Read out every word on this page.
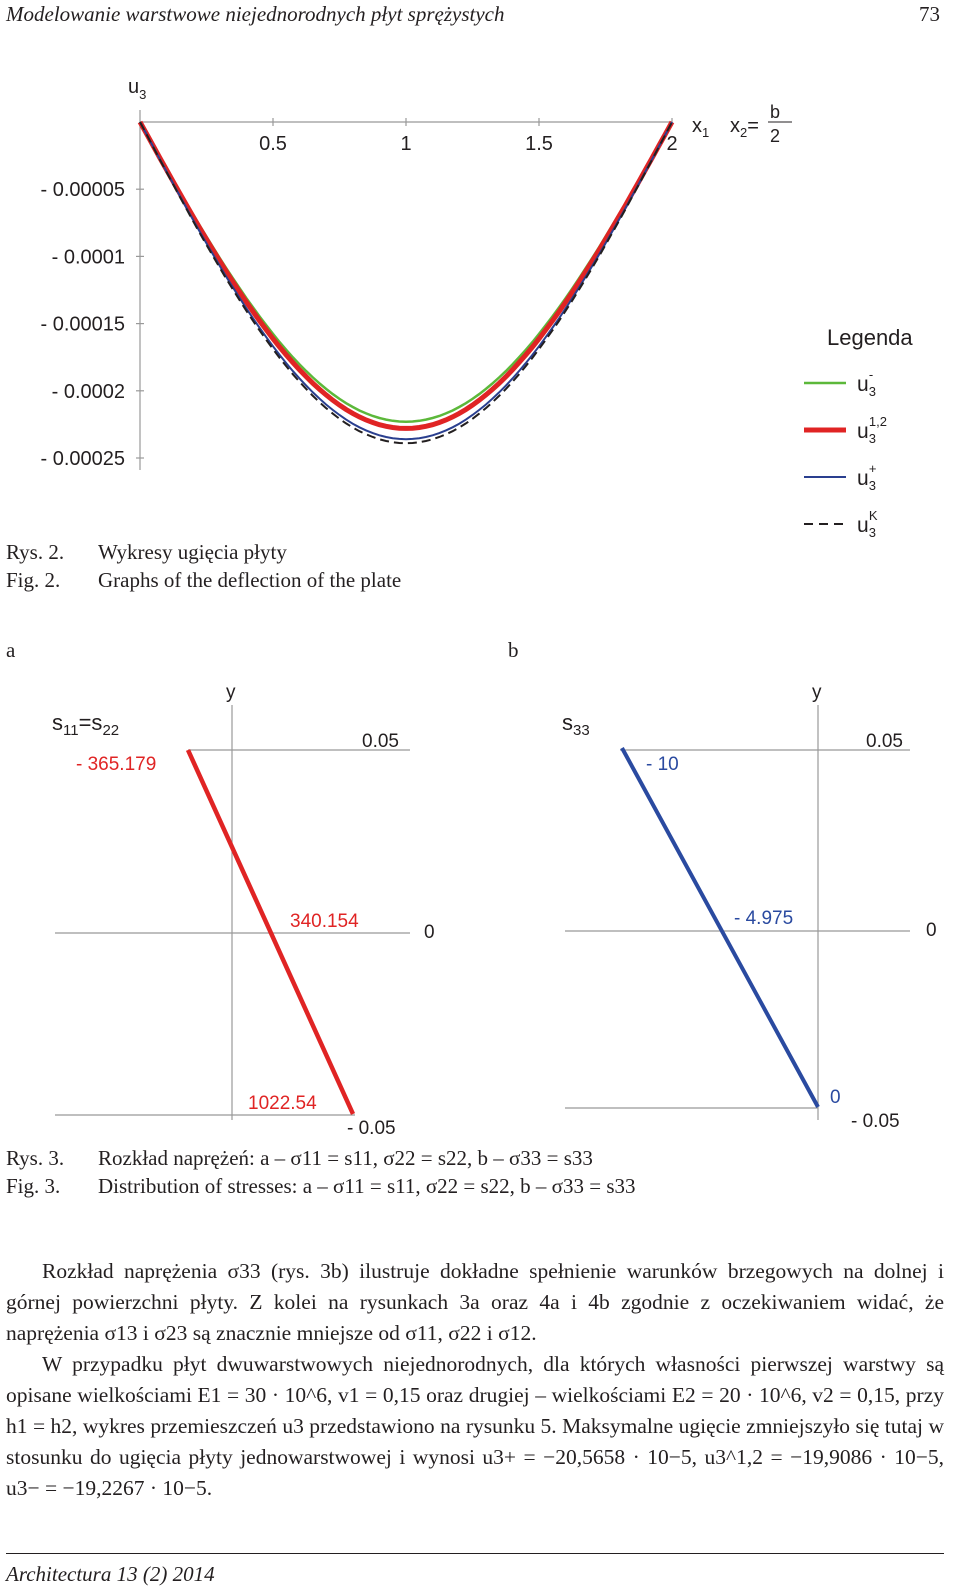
Modelowanie warstwowe niejednorodnych płyt sprężystych	73
0.5	1	1.5	2
- 0.00005
- 0.0001
- 0.00015
- 0.0002
- 0.00025
$u_3$
$x_1$ $x_2=$
b
2
Legenda
$u_3-$
$u_31,2$
$u_3+$
$u_3K$
Rys. 2. Wykresy ugięcia płyty
Fig. 2. Graphs of the deflection of the plate
a	b
y
$s_{11}=s_{22}$
0.05
0
- 0.05
- 365.179
340.154
1022.54
y
$s_{33}$
0.05
0
- 0.05
- 10
- 4.975
0
Rys. 3. Rozkład naprężeń: a – σ11 = s11, σ22 = s22, b – σ33 = s33
Fig. 3. Distribution of stresses: a – σ11 = s11, σ22 = s22, b – σ33 = s33

Rozkład naprężenia σ33 (rys. 3b) ilustruje dokładne spełnienie warunków brzegowych na dolnej i górnej powierzchni płyty. Z kolei na rysunkach 3a oraz 4a i 4b zgodnie z oczekiwaniem widać, że naprężenia σ13 i σ23 są znacznie mniejsze od σ11, σ22 i σ12.

W przypadku płyt dwuwarstwowych niejednorodnych, dla których własności pierwszej warstwy są opisane wielkościami E1 = 30 · 10^6, v1 = 0,15 oraz drugiej – wielkościami E2 = 20 · 10^6, v2 = 0,15, przy h1 = h2, wykres przemieszczeń u3 przedstawiono na rysunku 5. Maksymalne ugięcie zmniejszyło się tutaj w stosunku do ugięcia płyty jednowarstwowej i wynosi u3+ = −20,5658 · 10−5, u3^1,2 = −19,9086 · 10−5, u3− = −19,2267 · 10−5.

Architectura 13 (2) 2014
